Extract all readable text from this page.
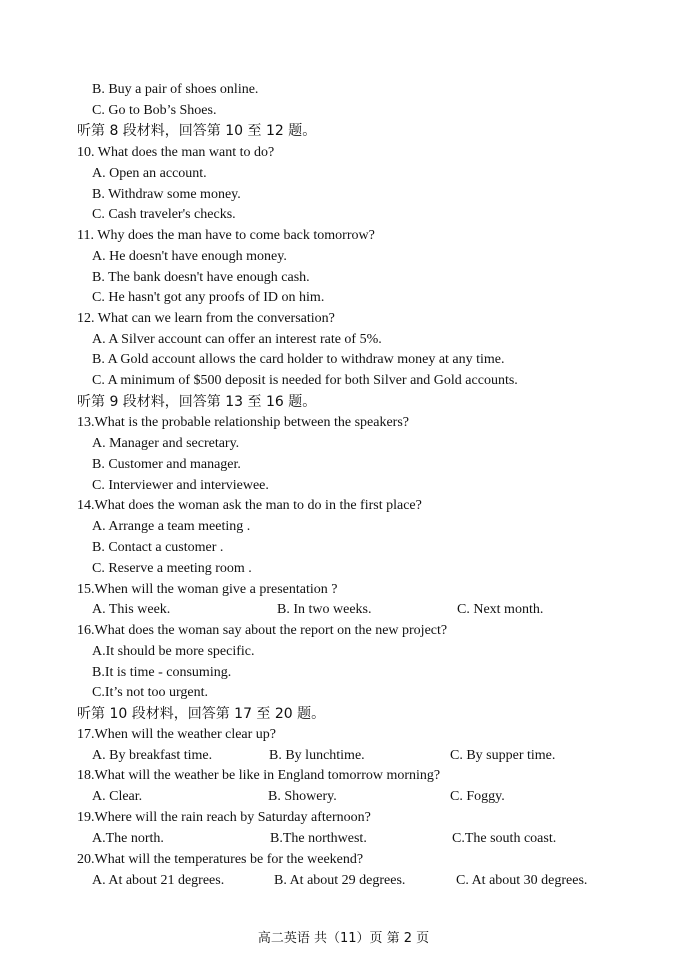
B. Buy a pair of shoes online.
C. Go to Bob’s Shoes.
听第 8 段材料，回答第 10 至 12 题。
10. What does the man want to do?
A. Open an account.
B. Withdraw some money.
C. Cash traveler's checks.
11. Why does the man have to come back tomorrow?
A. He doesn't have enough money.
B. The bank doesn't have enough cash.
C. He hasn't got any proofs of ID on him.
12. What can we learn from the conversation?
A. A Silver account can offer an interest rate of 5%.
B. A Gold account allows the card holder to withdraw money at any time.
C. A minimum of $500 deposit is needed for both Silver and Gold accounts.
听第 9 段材料，回答第 13 至 16 题。
13.What is the probable relationship between the speakers?
A. Manager and secretary.
B. Customer and manager.
C. Interviewer and interviewee.
14.What does the woman ask the man to do in the first place?
A. Arrange a team meeting .
B. Contact a customer .
C. Reserve a meeting room .
15.When will the woman give a presentation ?
A. This week.	B. In two weeks.	C. Next month.
16.What does the woman say about the report on the new project?
A.It should be more specific.
B.It is time - consuming.
C.It’s not too urgent.
听第 10 段材料，回答第 17 至 20 题。
17.When will the weather clear up?
A. By breakfast time.	B. By lunchtime.	C. By supper time.
18.What will the weather be like in England tomorrow morning?
A. Clear.	B. Showery.	C. Foggy.
19.Where will the rain reach by Saturday afternoon?
A.The north.	B.The northwest.	C.The south coast.
20.What will the temperatures be for the weekend?
A. At about 21 degrees.	B. At about 29 degrees.	C. At about 30 degrees.
高二英语 共（11）页 第 2 页
